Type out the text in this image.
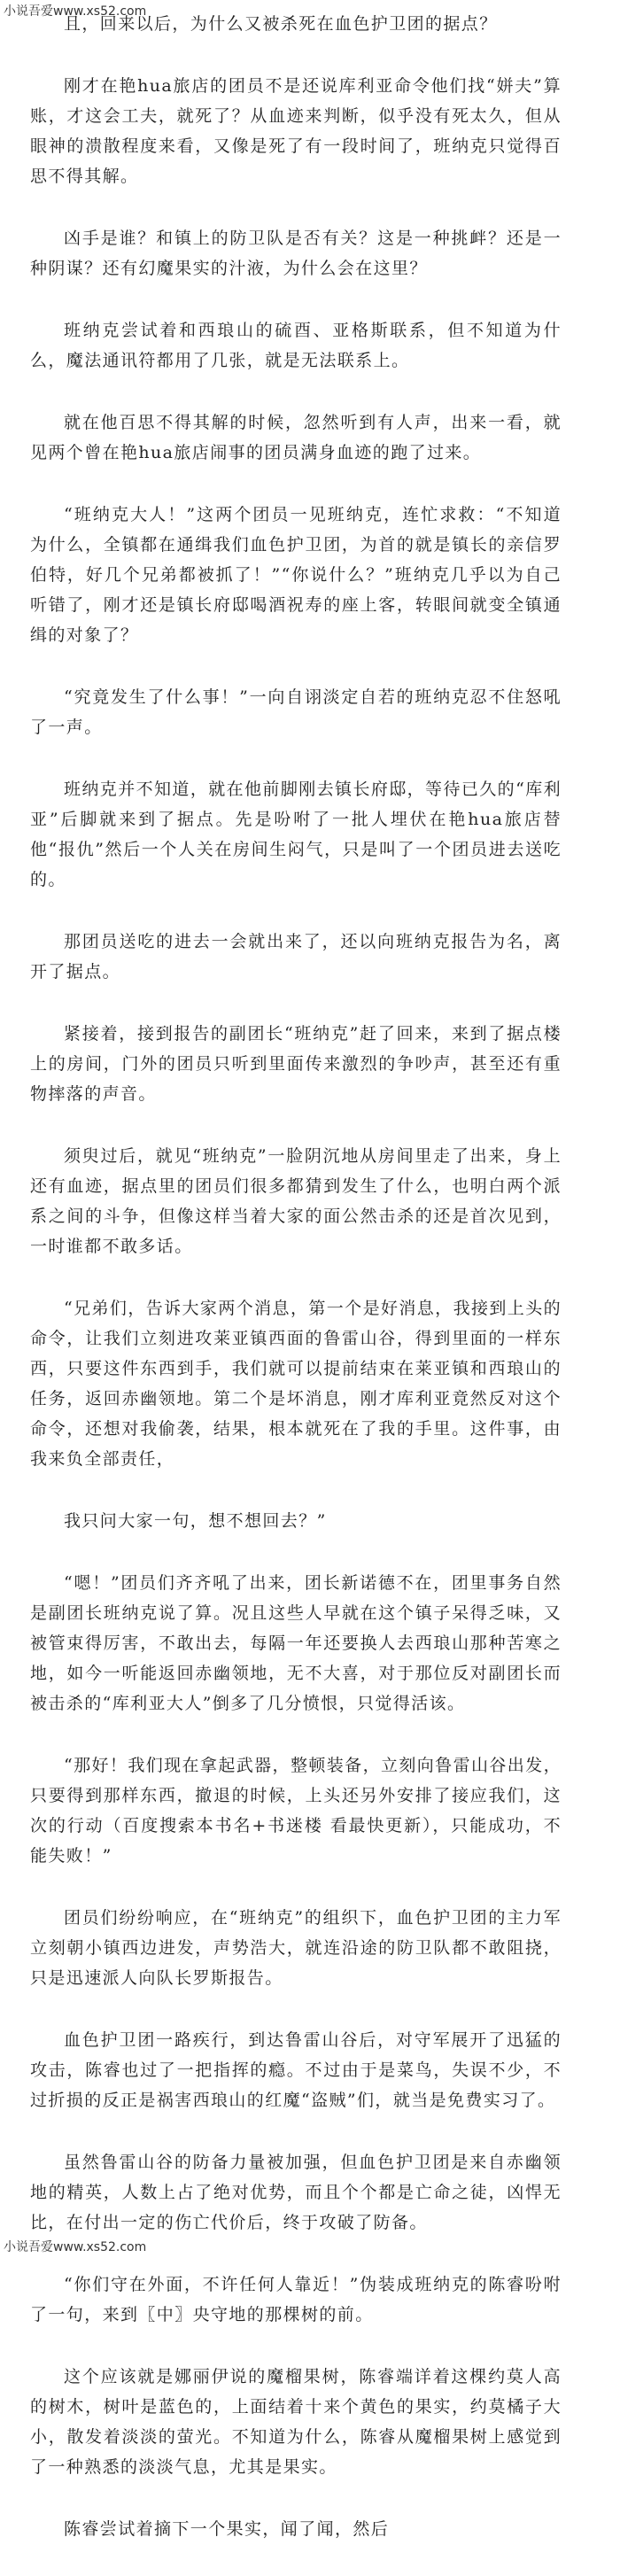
小说吾爱www.xs52.com

且，回来以后，为什么又被杀死在血色护卫团的据点？

刚才在艳hua旅店的团员不是还说库利亚命令他们找“姘夫”算账，才这会工夫，就死了？从血迹来判断，似乎没有死太久，但从眼神的溃散程度来看，又像是死了有一段时间了，班纳克只觉得百思不得其解。

凶手是谁？和镇上的防卫队是否有关？这是一种挑衅？还是一种阴谋？还有幻魔果实的汁液，为什么会在这里？

班纳克尝试着和西琅山的硫酉、亚格斯联系，但不知道为什么，魔法通讯符都用了几张，就是无法联系上。

就在他百思不得其解的时候，忽然听到有人声，出来一看，就见两个曾在艳hua旅店闹事的团员满身血迹的跑了过来。

“班纳克大人！”这两个团员一见班纳克，连忙求救：“不知道为什么，全镇都在通缉我们血色护卫团，为首的就是镇长的亲信罗伯特，好几个兄弟都被抓了！”“你说什么？”班纳克几乎以为自己听错了，刚才还是镇长府邸喝酒祝寿的座上客，转眼间就变全镇通缉的对象了？

“究竟发生了什么事！”一向自诩淡定自若的班纳克忍不住怒吼了一声。

班纳克并不知道，就在他前脚刚去镇长府邸，等待已久的“库利亚”后脚就来到了据点。先是吩咐了一批人埋伏在艳hua旅店替他“报仇”然后一个人关在房间生闷气，只是叫了一个团员进去送吃的。

那团员送吃的进去一会就出来了，还以向班纳克报告为名，离开了据点。

紧接着，接到报告的副团长“班纳克”赶了回来，来到了据点楼上的房间，门外的团员只听到里面传来激烈的争吵声，甚至还有重物摔落的声音。

须臾过后，就见“班纳克”一脸阴沉地从房间里走了出来，身上还有血迹，据点里的团员们很多都猜到发生了什么，也明白两个派系之间的斗争，但像这样当着大家的面公然击杀的还是首次见到，一时谁都不敢多话。

“兄弟们，告诉大家两个消息，第一个是好消息，我接到上头的命令，让我们立刻进攻莱亚镇西面的鲁雷山谷，得到里面的一样东西，只要这件东西到手，我们就可以提前结束在莱亚镇和西琅山的任务，返回赤幽领地。第二个是坏消息，刚才库利亚竟然反对这个命令，还想对我偷袭，结果，根本就死在了我的手里。这件事，由我来负全部责任，

我只问大家一句，想不想回去？”

“嗯！”团员们齐齐吼了出来，团长新诺德不在，团里事务自然是副团长班纳克说了算。况且这些人早就在这个镇子呆得乏味，又被管束得厉害，不敢出去，每隔一年还要换人去西琅山那种苦寒之地，如今一听能返回赤幽领地，无不大喜，对于那位反对副团长而被击杀的“库利亚大人”倒多了几分愤恨，只觉得活该。

“那好！我们现在拿起武器，整顿装备，立刻向鲁雷山谷出发，只要得到那样东西，撤退的时候，上头还另外安排了接应我们，这次的行动（百度搜索本书名+书迷楼 看最快更新），只能成功，不能失败！”

团员们纷纷响应，在“班纳克”的组织下，血色护卫团的主力军立刻朝小镇西边进发，声势浩大，就连沿途的防卫队都不敢阻挠，只是迅速派人向队长罗斯报告。

血色护卫团一路疾行，到达鲁雷山谷后，对守军展开了迅猛的攻击，陈睿也过了一把指挥的瘾。不过由于是菜鸟，失误不少，不过折损的反正是祸害西琅山的红魔“盗贼”们，就当是免费实习了。

虽然鲁雷山谷的防备力量被加强，但血色护卫团是来自赤幽领地的精英，人数上占了绝对优势，而且个个都是亡命之徒，凶悍无比，在付出一定的伤亡代价后，终于攻破了防备。

“你们守在外面，不许任何人靠近！”伪装成班纳克的陈睿吩咐了一句，来到〖中〗央守地的那棵树的前。

这个应该就是娜丽伊说的魔榴果树，陈睿端详着这棵约莫人高的树木，树叶是蓝色的，上面结着十来个黄色的果实，约莫橘子大小，散发着淡淡的萤光。不知道为什么，陈睿从魔榴果树上感觉到了一种熟悉的淡淡气息，尤其是果实。

陈睿尝试着摘下一个果实，闻了闻，然后

小说吾爱www.xs52.com
